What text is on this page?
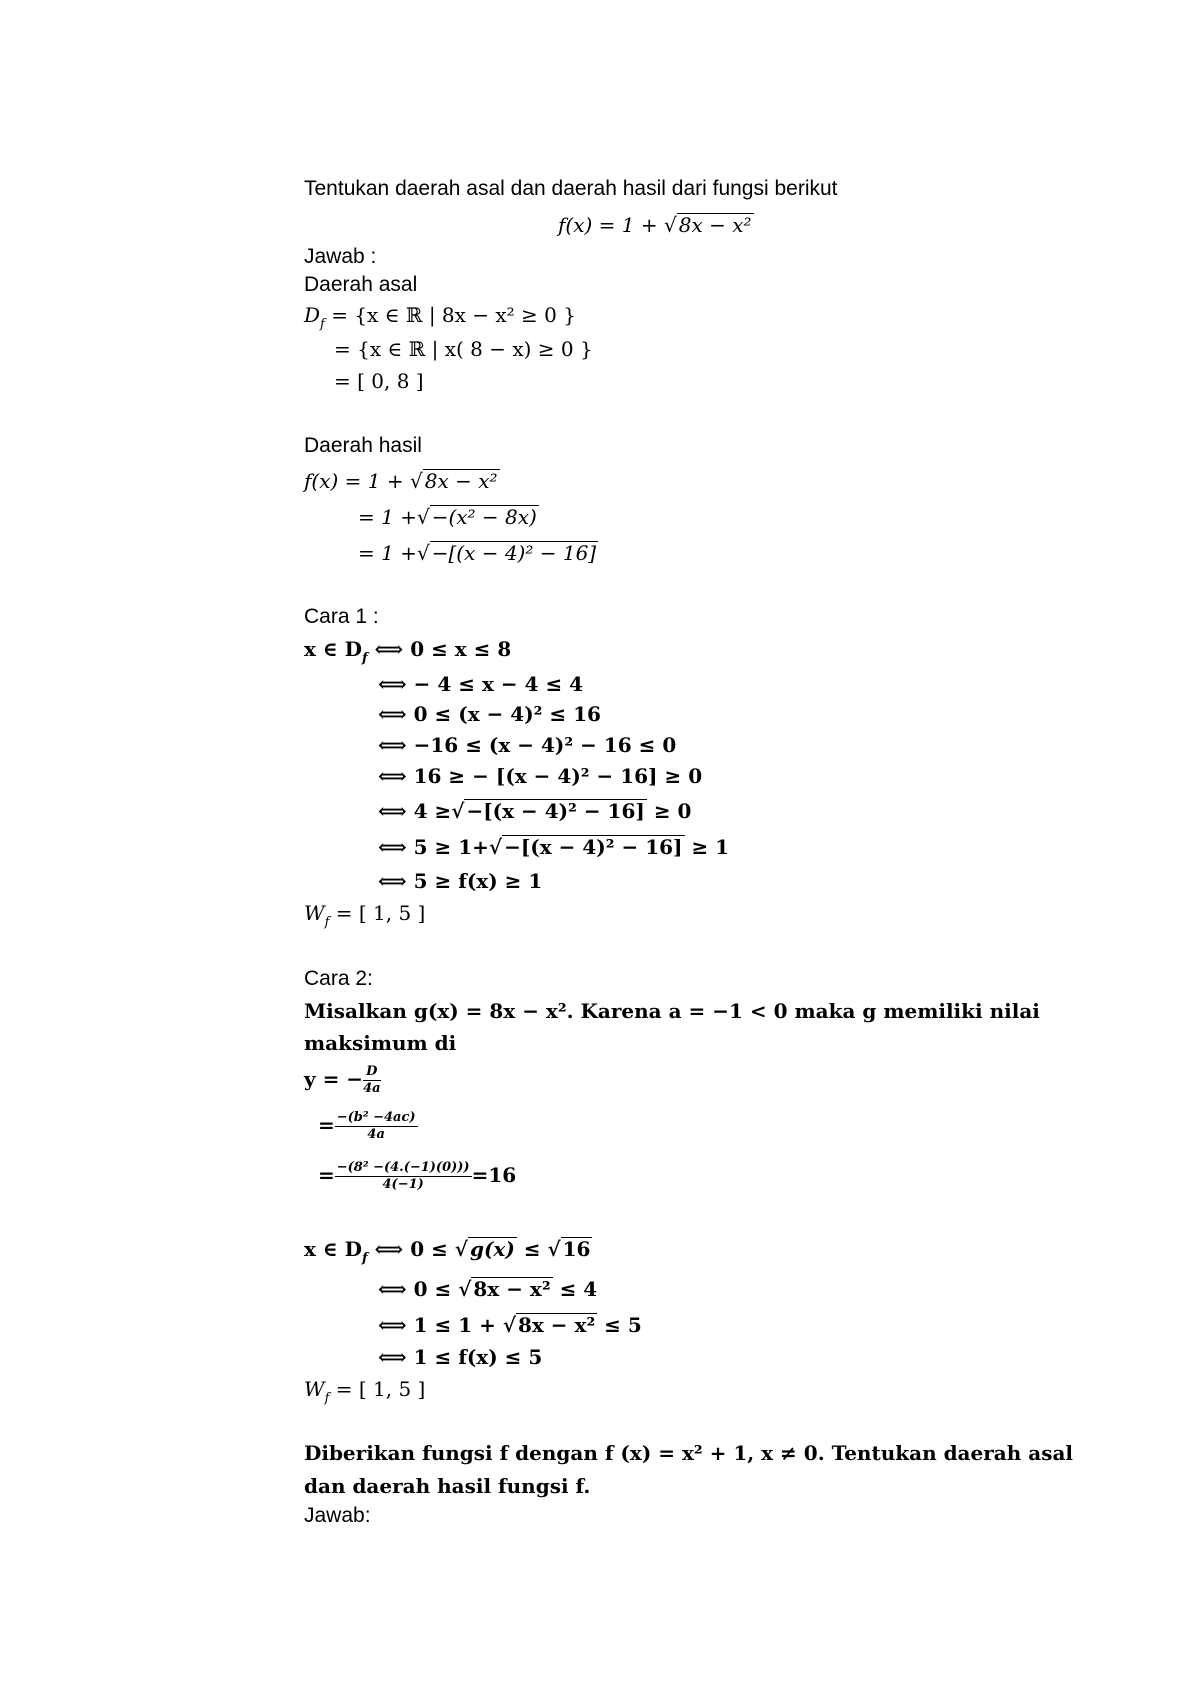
Tentukan daerah asal dan daerah hasil dari fungsi berikut
f(x) = 1 + √ 8x − x²
Jawab :
Daerah asal
$D_f = \{x$ ∈ ℝ | 8x − x² ≥ 0 }
= {x ∈ ℝ | x( 8 − x) ≥ 0 }
= [ 0, 8 ]
Daerah hasil
f(x) = 1 + √ 8x − x²
= 1 +√ −(x² − 8x)
= 1 +√ −[(x − 4)² − 16]
Cara 1 :
x ∈ $D_f$ ⟺ 0 ≤ x ≤ 8
⟺ − 4 ≤ x − 4 ≤ 4
⟺ 0 ≤ (x − 4)² ≤ 16
⟺ −16 ≤ (x − 4)² − 16 ≤ 0
⟺ 16 ≥ − [(x − 4)² − 16] ≥ 0
⟺ 4 ≥√ −[(x − 4)² − 16] ≥ 0
⟺ 5 ≥ 1+√ −[(x − 4)² − 16] ≥ 1
⟺ 5 ≥ f(x) ≥ 1
$W_f$ = [ 1, 5 ]
Cara 2:
Misalkan g(x) = 8x − x². Karena a = −1 < 0 maka g memiliki nilai
maksimum di
y = − $\frac{D}{4a}$
= $\frac{\text{−(b² −4ac)}}{4a}$
= $\frac{\text{−(8² −(4.(−1)(0)))}}{4(-1)} =16$
x ∈ $D_f$ ⟺ 0 ≤ √ g(x) ≤ √ 16
⟺ 0 ≤ √8x − x² ≤ 4
⟺ 1 ≤ 1 + √8x − x² ≤ 5
⟺ 1 ≤ f(x) ≤ 5
$W_f$ = [ 1, 5 ]
Diberikan fungsi f dengan f (x) = x² + 1, x ≠ 0. Tentukan daerah asal
dan daerah hasil fungsi f.
Jawab:
